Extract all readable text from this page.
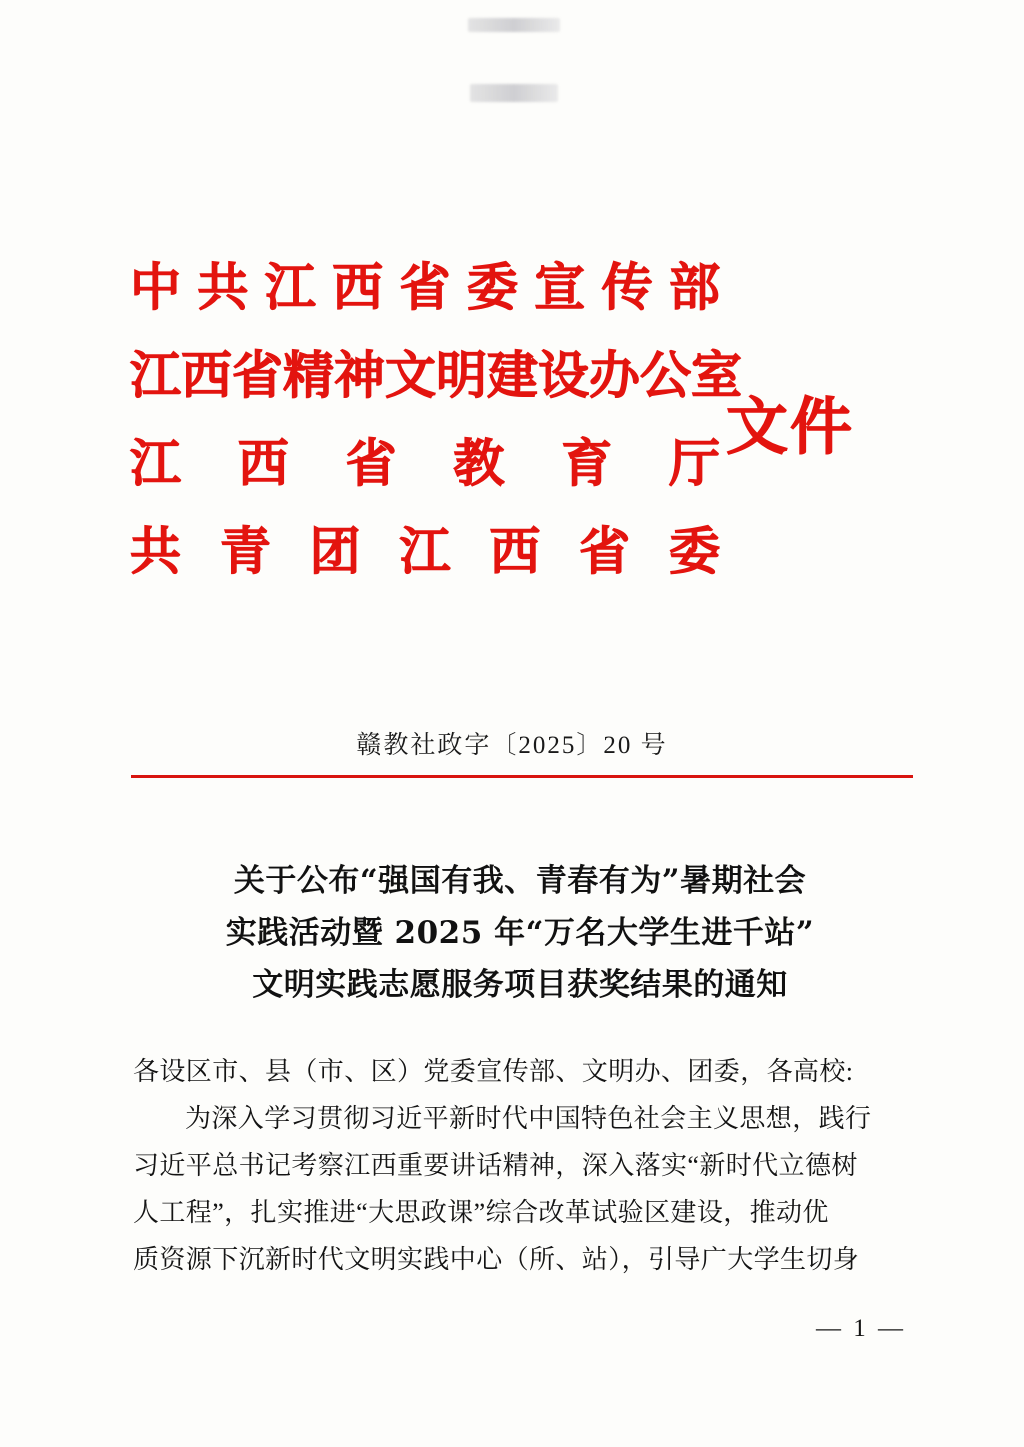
中共江西省委宣传部
江西省精神文明建设办公室
江西省教育厅
共青团江西省委
文件
赣教社政字〔2025〕20 号
关于公布“强国有我、青春有为”暑期社会
实践活动暨 2025 年“万名大学生进千站”
文明实践志愿服务项目获奖结果的通知

各设区市、县（市、区）党委宣传部、文明办、团委，各高校:

为深入学习贯彻习近平新时代中国特色社会主义思想，践行
习近平总书记考察江西重要讲话精神，深入落实“新时代立德树
人工程”，扎实推进“大思政课”综合改革试验区建设，推动优
质资源下沉新时代文明实践中心（所、站），引导广大学生切身

— 1 —
